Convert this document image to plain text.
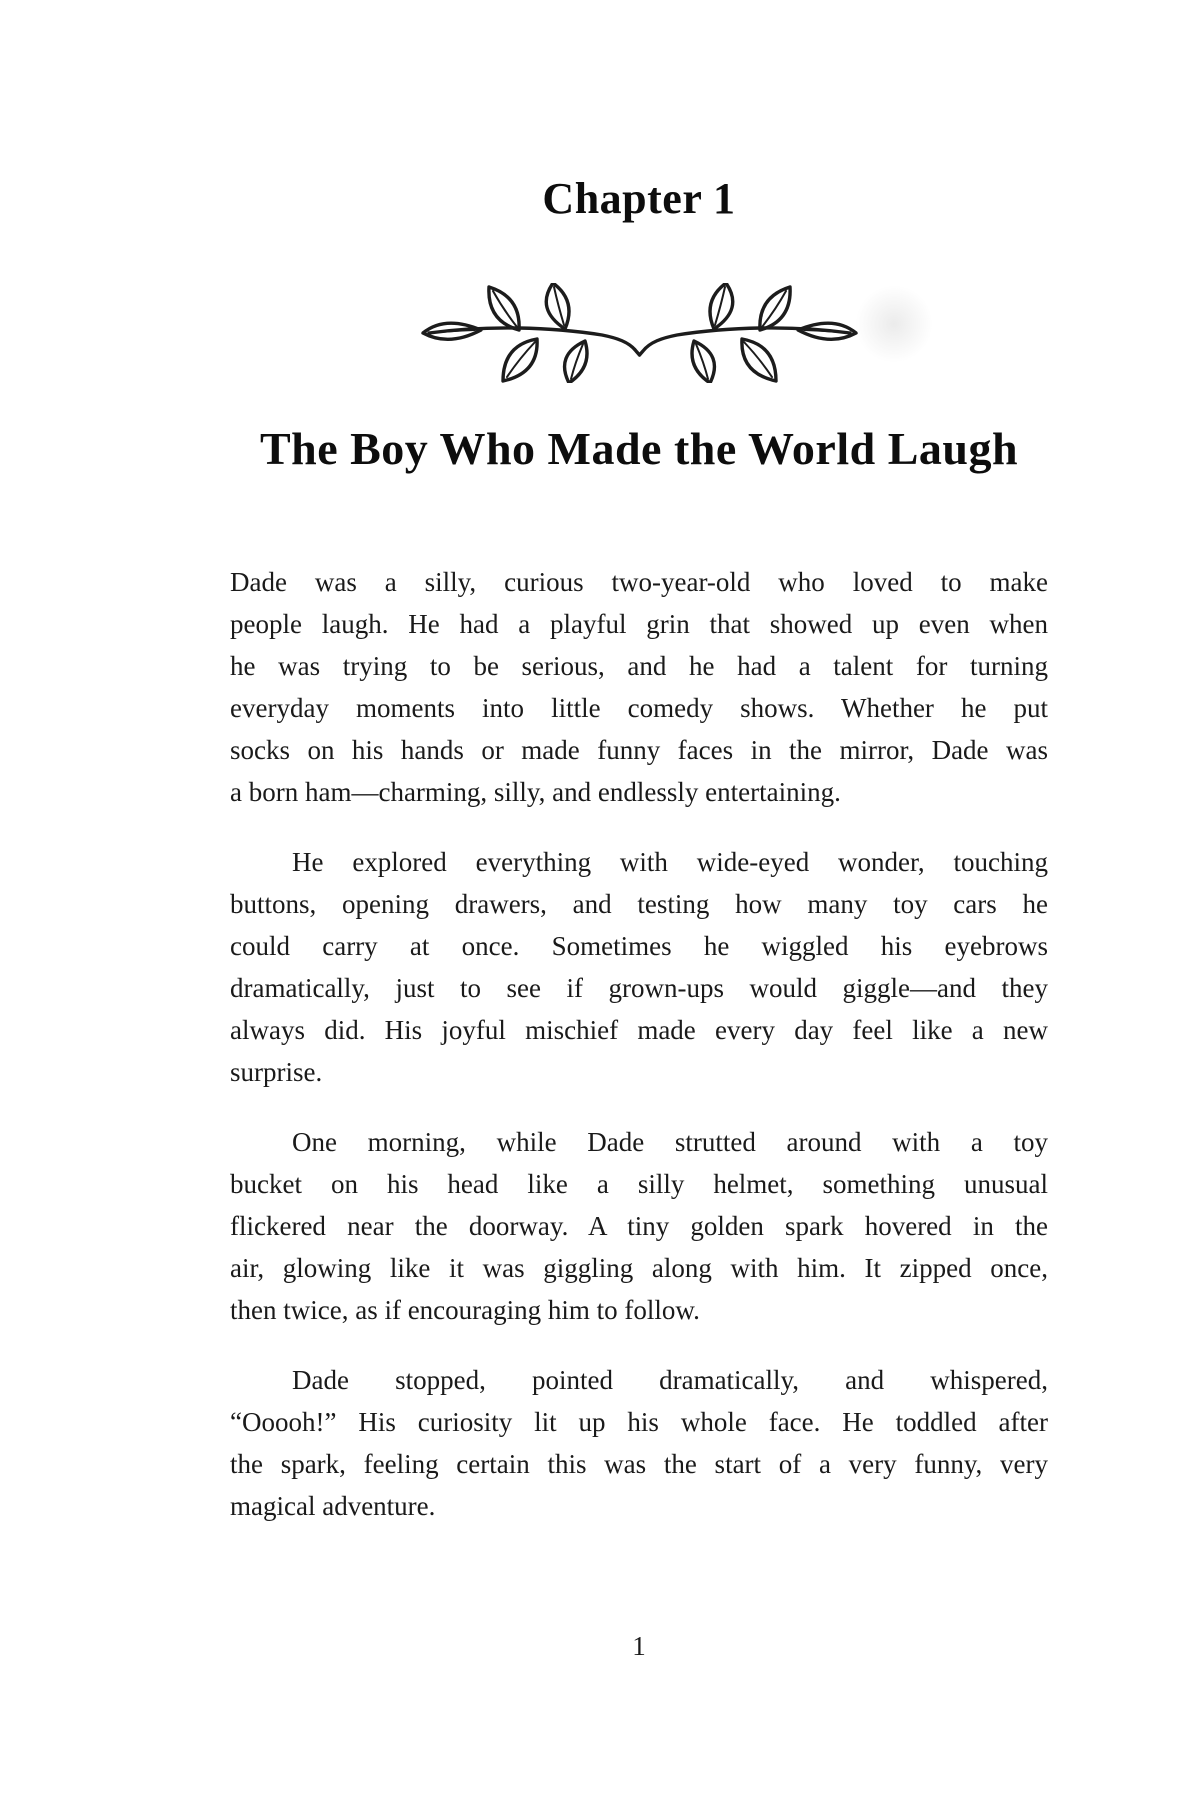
Chapter 1
The Boy Who Made the World Laugh
Dade was a silly, curious two-year-old who loved to make
people laugh. He had a playful grin that showed up even when
he was trying to be serious, and he had a talent for turning
everyday moments into little comedy shows. Whether he put
socks on his hands or made funny faces in the mirror, Dade was
a born ham—charming, silly, and endlessly entertaining.
He explored everything with wide-eyed wonder, touching
buttons, opening drawers, and testing how many toy cars he
could carry at once. Sometimes he wiggled his eyebrows
dramatically, just to see if grown-ups would giggle—and they
always did. His joyful mischief made every day feel like a new
surprise.
One morning, while Dade strutted around with a toy
bucket on his head like a silly helmet, something unusual
flickered near the doorway. A tiny golden spark hovered in the
air, glowing like it was giggling along with him. It zipped once,
then twice, as if encouraging him to follow.
Dade stopped, pointed dramatically, and whispered,
“Ooooh!” His curiosity lit up his whole face. He toddled after
the spark, feeling certain this was the start of a very funny, very
magical adventure.
1
